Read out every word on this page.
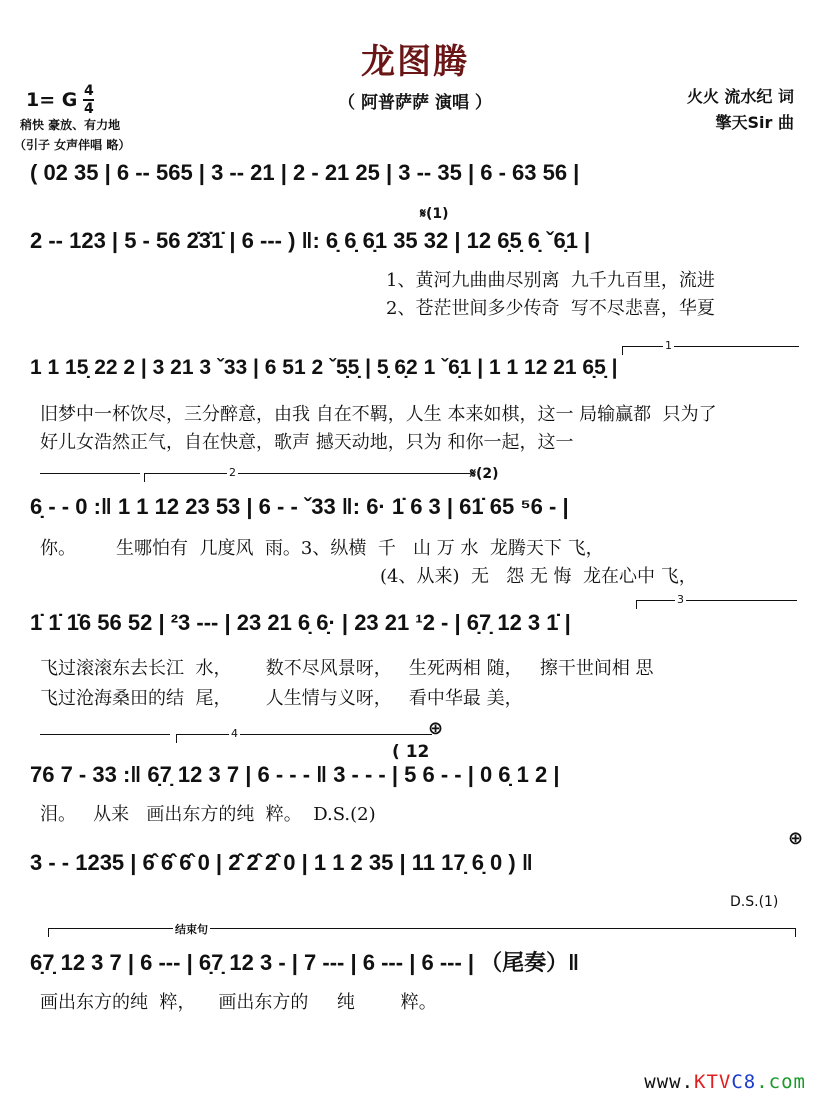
龙图腾
（ 阿普萨萨 演唱 ）
1= G $\frac{4}{4}$
稍快 豪放、有力地
（引子 女声伴唱 略）
火火 流水纪 词
擎天Sir 曲
( 02 35 | 6 -- 565 | 3 -- 21 | 2 - 21 25 | 3 -- 35 | 6 - 63 56 |
𝄋(1)
2 -- 123 | 5 - 56 2̇3̇1̇ | 6 --- ) ‖: 6̣ 6̣ 6̣1 35 32 | 12 6̣5̣ 6̣ ˇ6̣1 |
1、黄河九曲曲尽别离  九千九百里，流进
2、苍茫世间多少传奇  写不尽悲喜，华夏
1
1 1 15̣ 22 2 | 3 21 3 ˇ33 | 6 51 2 ˇ5̣5̣ | 5̣ 6̣2 1 ˇ6̣1 | 1 1 12 21 6̣5̣ |
旧梦中一杯饮尽，三分醉意，由我 自在不羁，人生 本来如棋，这一 局输赢都  只为了
好儿女浩然正气，自在快意，歌声 撼天动地，只为 和你一起，这一
2	𝄋(2)
6̣ - - 0 :‖ 1 1 12 23 53 | 6 - - ˇ33 ‖: 6· 1̇ 6 3 | 61̇ 65 ⁵6 - |
你。       生哪怕有  几度风  雨。3、纵横  千   山 万 水  龙腾天下 飞，
(4、从来)  无   怨 无 悔  龙在心中 飞，
3
1̇ 1̇ 1̇6 56 52 | ²3 --- | 23 21 6̣ 6̣· | 23 21 ¹2 - | 6̣7̣ 12 3 1̇ |
飞过滚滚东去长江  水，      数不尽风景呀，   生死两相 随，   擦干世间相 思
飞过沧海桑田的结  尾，      人生情与义呀，   看中华最 美，
4	⊕
( 12
76 7 - 33 :‖ 6̣7̣ 12 3 7 | 6 - - - ‖ 3 - - - | 5 6 - - | 0 6̣ 1 2 |
泪。   从来   画出东方的纯  粹。  D.S.(2)
⊕
3 - - 1235 | 6̂ 6̂ 6̂ 0 | 2̂ 2̂ 2̂ 0 | 1 1 2 35 | 11 17̣ 6̣ 0 ) ‖
D.S.(1)
结束句
6̣7̣ 12 3 7 | 6 --- | 6̣7̣ 12 3 - | 7 --- | 6 --- | 6 --- | （尾奏）‖
画出东方的纯  粹，    画出东方的     纯        粹。
www.KTVC8.com
